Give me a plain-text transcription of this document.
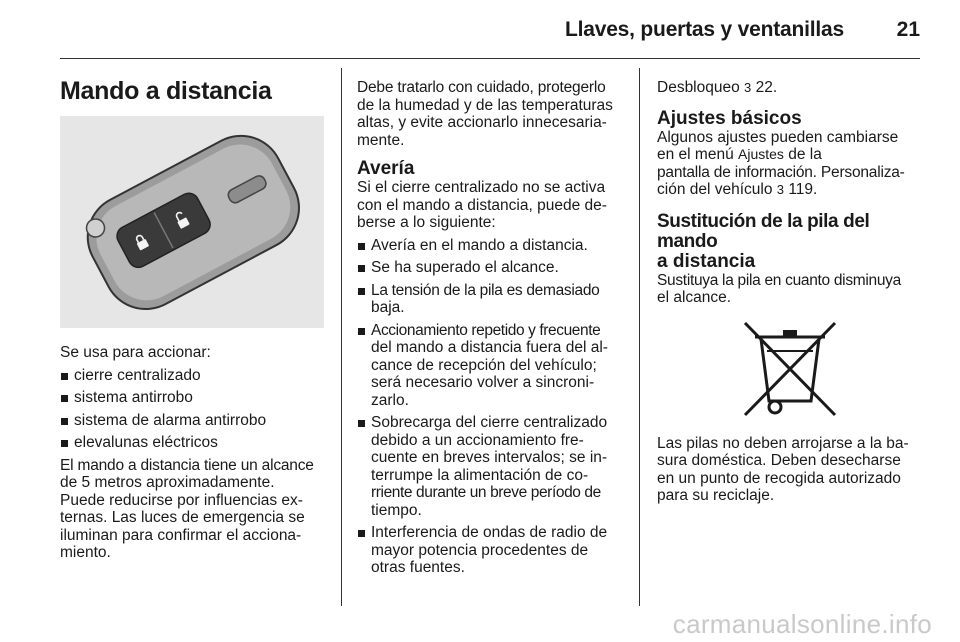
Llaves, puertas y ventanillas	21
Mando a distancia

Se usa para accionar:

cierre centralizado
sistema antirrobo
sistema de alarma antirrobo
elevalunas eléctricos
El mando a distancia tiene un alcance
de 5 metros aproximadamente.
Puede reducirse por influencias ex-
ternas. Las luces de emergencia se
iluminan para confirmar el acciona-
miento.
Debe tratarlo con cuidado, protegerlo
de la humedad y de las temperaturas
altas, y evite accionarlo innecesaria-
mente.
Avería
Si el cierre centralizado no se activa
con el mando a distancia, puede de-
berse a lo siguiente:
Avería en el mando a distancia.
Se ha superado el alcance.
La tensión de la pila es demasiado
baja.
Accionamiento repetido y frecuente
del mando a distancia fuera del al-
cance de recepción del vehículo;
será necesario volver a sincroni-
zarlo.
Sobrecarga del cierre centralizado
debido a un accionamiento fre-
cuente en breves intervalos; se in-
terrumpe la alimentación de co-
rriente durante un breve período de
tiempo.
Interferencia de ondas de radio de
mayor potencia procedentes de
otras fuentes.
Desbloqueo 3 22.
Ajustes básicos
Algunos ajustes pueden cambiarse
en el menú Ajustes de la
pantalla de información. Personaliza-
ción del vehículo 3 119.
Sustitución de la pila del mando
a distancia
Sustituya la pila en cuanto disminuya
el alcance.
Las pilas no deben arrojarse a la ba-
sura doméstica. Deben desecharse
en un punto de recogida autorizado
para su reciclaje.
carmanualsonline.info
